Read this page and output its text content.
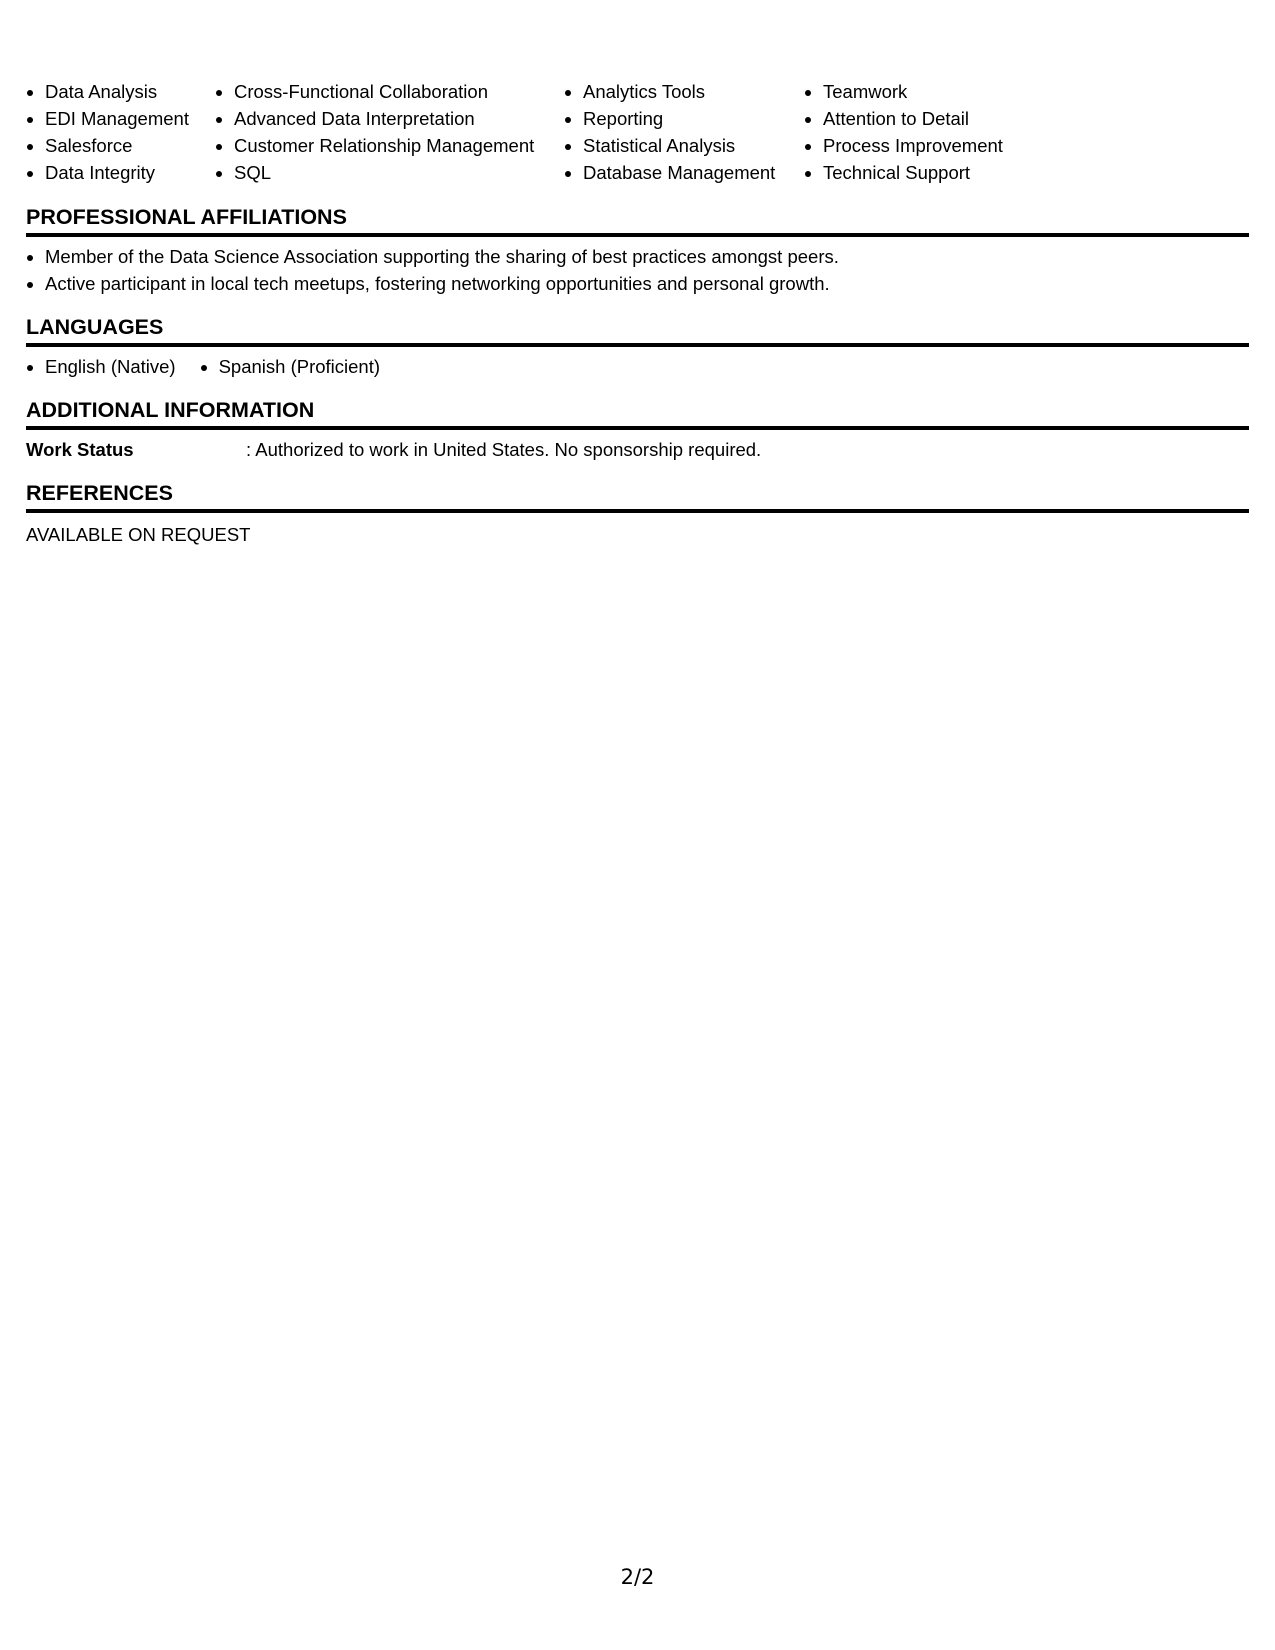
• Data Analysis
• EDI Management
• Salesforce
• Data Integrity
• Cross-Functional Collaboration
• Advanced Data Interpretation
• Customer Relationship Management
• SQL
• Analytics Tools
• Reporting
• Statistical Analysis
• Database Management
• Teamwork
• Attention to Detail
• Process Improvement
• Technical Support
PROFESSIONAL AFFILIATIONS
• Member of the Data Science Association supporting the sharing of best practices amongst peers.
• Active participant in local tech meetups, fostering networking opportunities and personal growth.
LANGUAGES
• English (Native)
• Spanish (Proficient)
ADDITIONAL INFORMATION
Work Status	: Authorized to work in United States. No sponsorship required.
REFERENCES
AVAILABLE ON REQUEST
2/2
